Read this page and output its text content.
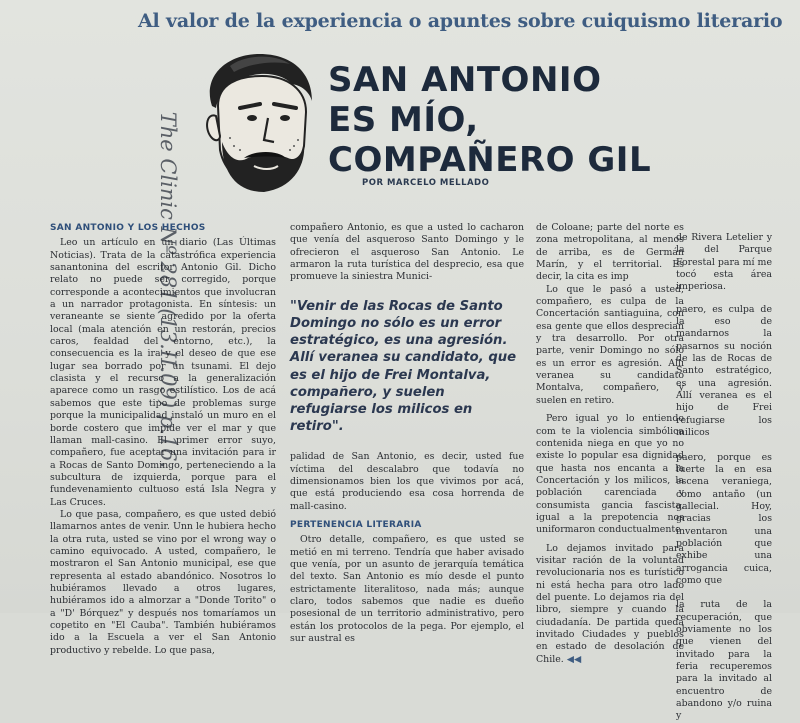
Al valor de la experiencia o apuntes sobre cuiquismo literario
SAN ANTONIO
ES MÍO,
COMPAÑERO GIL
POR MARCELO MELLADO
The Clinic Nº 281 (13.II.09) p.16.
SAN ANTONIO Y LOS HECHOS

Leo un artículo en un diario (Las Últimas Noticias). Trata de la catastrófica experiencia sanantonina del escritor Antonio Gil. Dicho relato no puede ser corregido, porque corresponde a acontecimientos que involucran a un narrador protagonista. En síntesis: un veraneante se siente agredido por la oferta local (mala atención en un restorán, precios caros, fealdad del entorno, etc.), la consecuencia es la ira y el deseo de que ese lugar sea borrado por un tsunami. El dejo clasista y el recurso a la generalización aparece como un rasgo estilístico. Los de acá sabemos que este tipo de problemas surge porque la municipalidad instaló un muro en el borde costero que impide ver el mar y que llaman mall-casino. El primer error suyo, compañero, fue aceptar una invitación para ir a Rocas de Santo Domingo, perteneciendo a la subcultura de izquierda, porque para el fundevenamiento cultuoso está Isla Negra y Las Cruces.

Lo que pasa, compañero, es que usted debió llamarnos antes de venir. Unn le hubiera hecho la otra ruta, usted se vino por el wrong way o camino equivocado. A usted, compañero, le mostraron el San Antonio municipal, ese que representa al estado abandónico. Nosotros lo hubiéramos llevado a otros lugares, hubiéramos ido a almorzar a "Donde Torito" o a "D' Bórquez" y después nos tomaríamos un copetito en "El Cauba". También hubiéramos ido a la Escuela a ver el San Antonio productivo y rebelde. Lo que pasa,

compañero Antonio, es que a usted lo cacharon que venía del asqueroso Santo Domingo y le ofrecieron el asqueroso San Antonio. Le armaron la ruta turística del desprecio, esa que promueve la siniestra Munici-

"Venir de las Rocas de Santo Domingo no sólo es un error estratégico, es una agresión. Allí veranea su candidato, que es el hijo de Frei Montalva, compañero, y suelen refugiarse los milicos en retiro".

palidad de San Antonio, es decir, usted fue víctima del descalabro que todavía no dimensionamos bien los que vivimos por acá, que está produciendo esa cosa horrenda de mall-casino.

PERTENENCIA LITERARIA

Otro detalle, compañero, es que usted se metió en mi terreno. Tendría que haber avisado que venía, por un asunto de jerarquía temática del texto. San Antonio es mío desde el punto estrictamente literalitoso, nada más; aunque claro, todos sabemos que nadie es dueño posesional de un territorio administrativo, pero están los protocolos de la pega. Por ejemplo, el sur austral es

de Coloane; parte del norte es zona metropolitana, al menos de arriba, es de Germán Marín, y el territorial. Es decir, la cita es imp

Lo que le pasó a usted, compañero, es culpa de la Concertación santiaguina, con esa gente que ellos desprecian y tra desarrollo. Por otra parte, venir Domingo no sólo es un error es agresión. Allí veranea su candidato Montalva, compañero, y suelen en retiro.

Pero igual yo lo entiendo com te la violencia simbólica contenida niega en que yo no existe lo popular esa dignidad que hasta nos encanta a la Concertación y los milicos, la población carenciada y consumista gancia fascista, igual a la prepotencia nos uniformaron conductualmente

Lo dejamos invitado para visitar ración de la voluntad revolucionaria nos es turístico ni está hecha para otro lado del puente. Lo dejamos ria del libro, siempre y cuando la ciudadanía. De partida queda invitado Ciudades y pueblos en estado de desolación de Chile. ◀◀

de Rivera Letelier y la del Parque Forestal para mí me tocó esta área imperiosa.

paero, es culpa de la eso de mandarnos la pasarnos su noción de las de Rocas de Santo estratégico, es una agresión. Allí veranea es el hijo de Frei refugiarse los milicos

paero, porque es fuerte la en esa escena veraniega, como antaño (un gallecial. Hoy, gracias los inventaron una población que exhibe una arrogancia cuica, como que

la ruta de la recuperación, que obviamente no los que vienen del invitado para la feria recuperemos para la invitado al encuentro de abandono y/o ruina y
